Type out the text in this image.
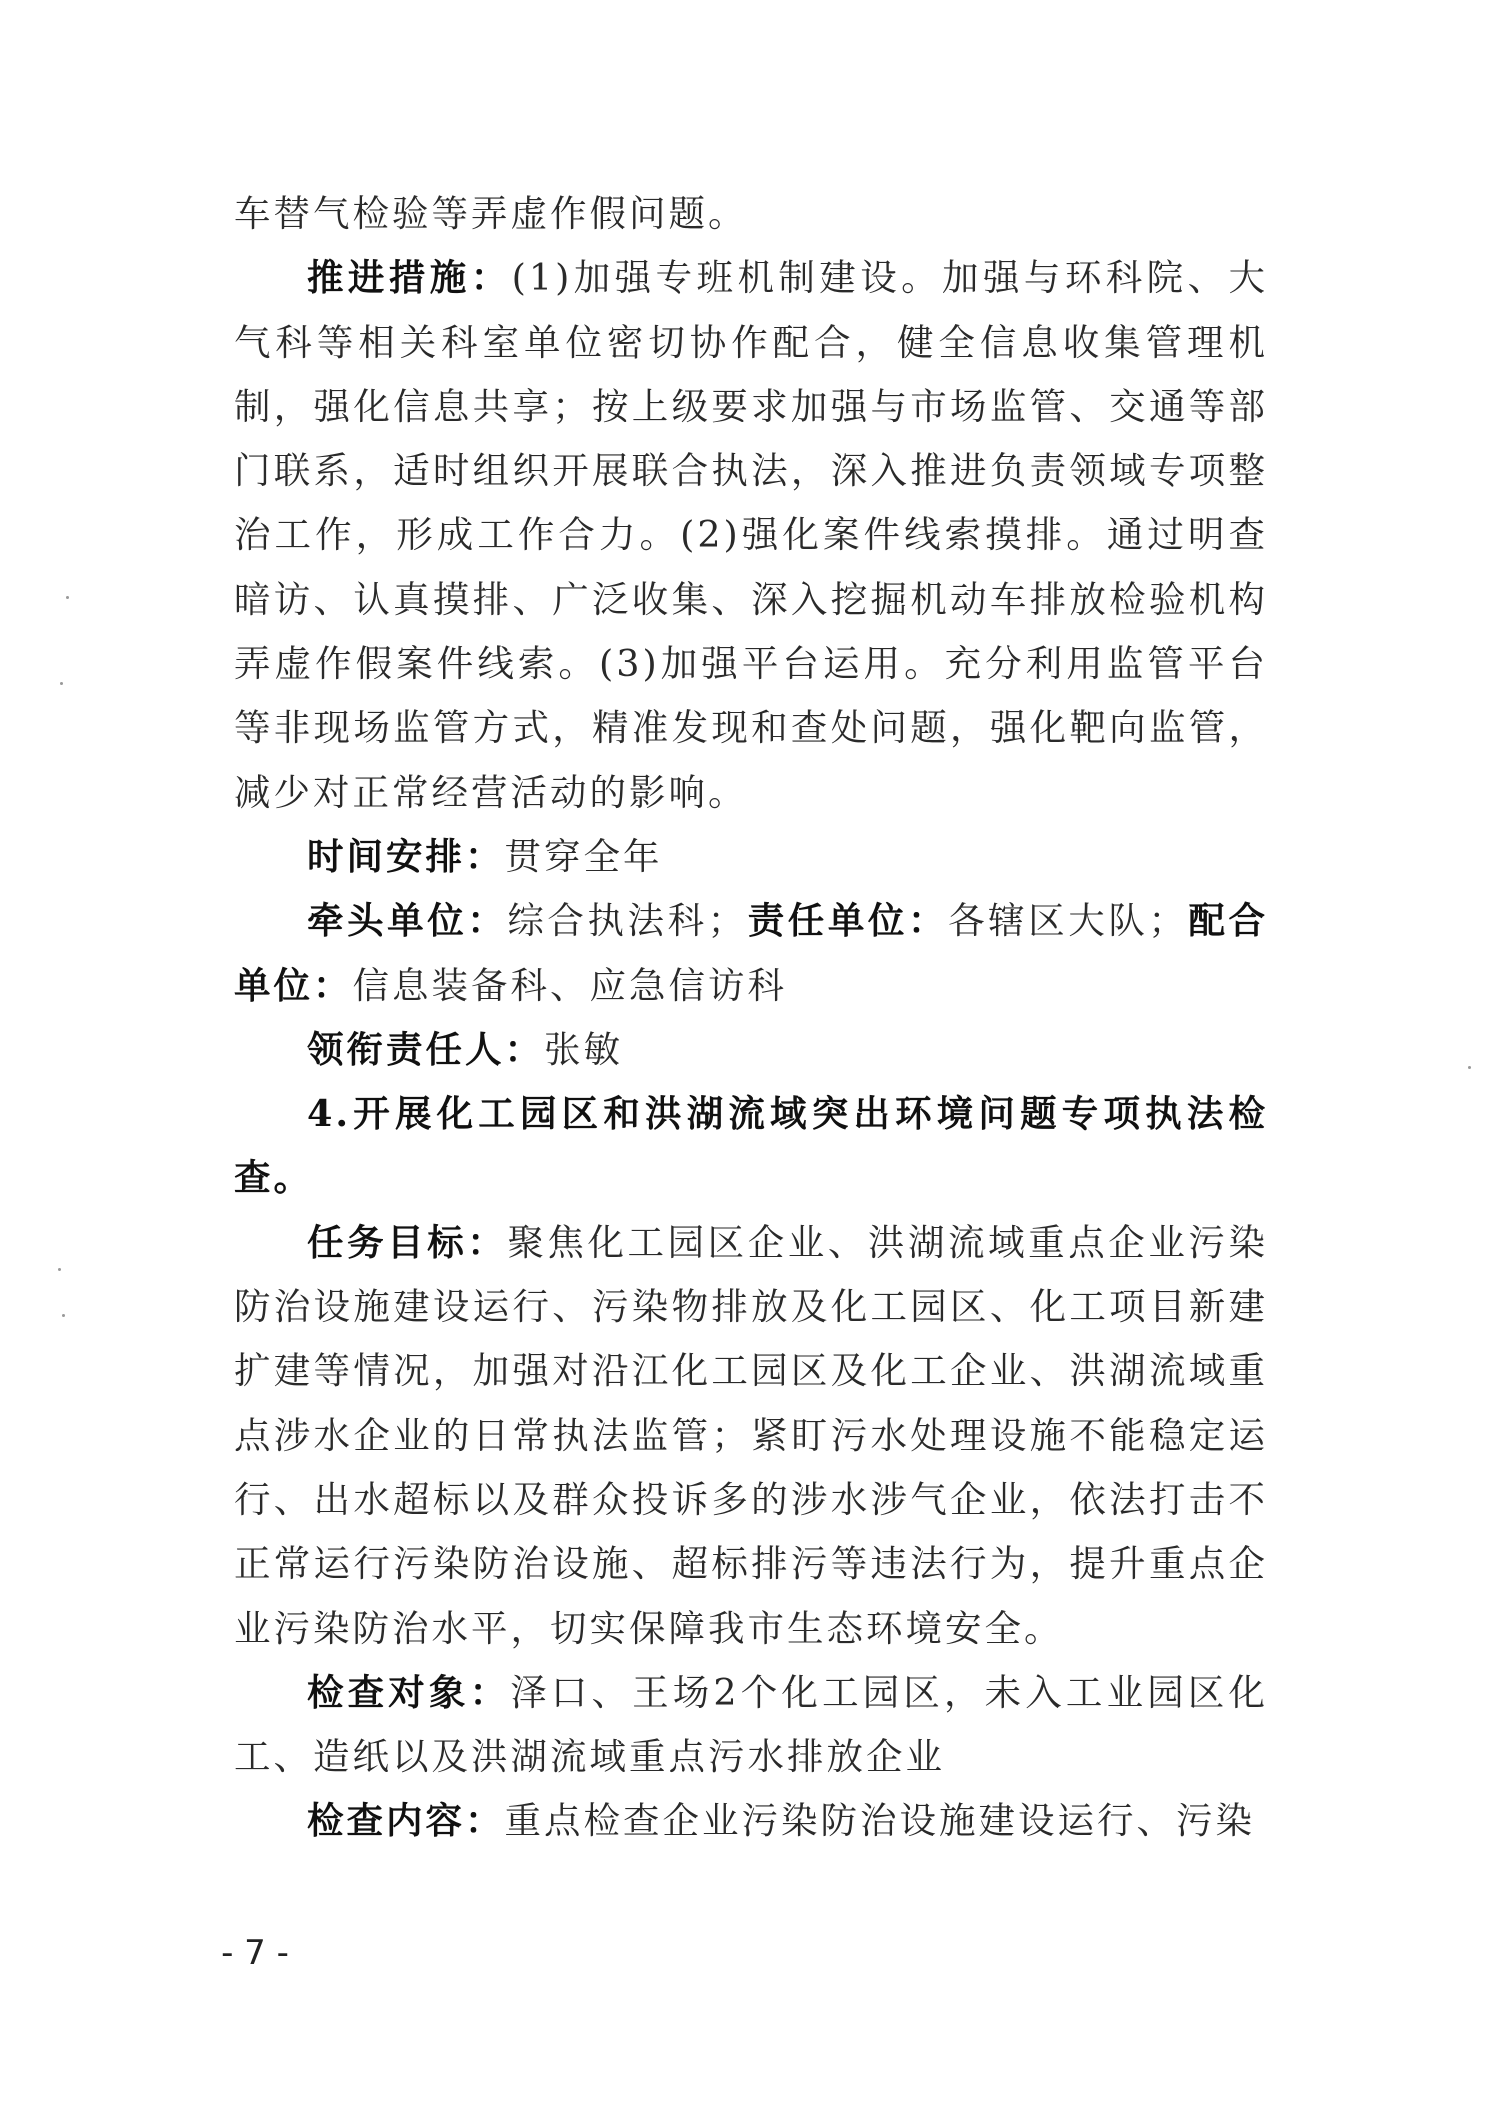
车替气检验等弄虚作假问题。

推进措施：(1)加强专班机制建设。加强与环科院、大气科等相关科室单位密切协作配合，健全信息收集管理机制，强化信息共享；按上级要求加强与市场监管、交通等部门联系，适时组织开展联合执法，深入推进负责领域专项整治工作，形成工作合力。(2)强化案件线索摸排。通过明查暗访、认真摸排、广泛收集、深入挖掘机动车排放检验机构弄虚作假案件线索。(3)加强平台运用。充分利用监管平台等非现场监管方式，精准发现和查处问题，强化靶向监管，减少对正常经营活动的影响。

时间安排：贯穿全年

牵头单位：综合执法科；责任单位：各辖区大队；配合单位：信息装备科、应急信访科

领衔责任人：张敏

4.开展化工园区和洪湖流域突出环境问题专项执法检查。

任务目标：聚焦化工园区企业、洪湖流域重点企业污染防治设施建设运行、污染物排放及化工园区、化工项目新建扩建等情况，加强对沿江化工园区及化工企业、洪湖流域重点涉水企业的日常执法监管；紧盯污水处理设施不能稳定运行、出水超标以及群众投诉多的涉水涉气企业，依法打击不正常运行污染防治设施、超标排污等违法行为，提升重点企业污染防治水平，切实保障我市生态环境安全。

检查对象：泽口、王场2个化工园区，未入工业园区化工、造纸以及洪湖流域重点污水排放企业

检查内容：重点检查企业污染防治设施建设运行、污染

- 7 -
